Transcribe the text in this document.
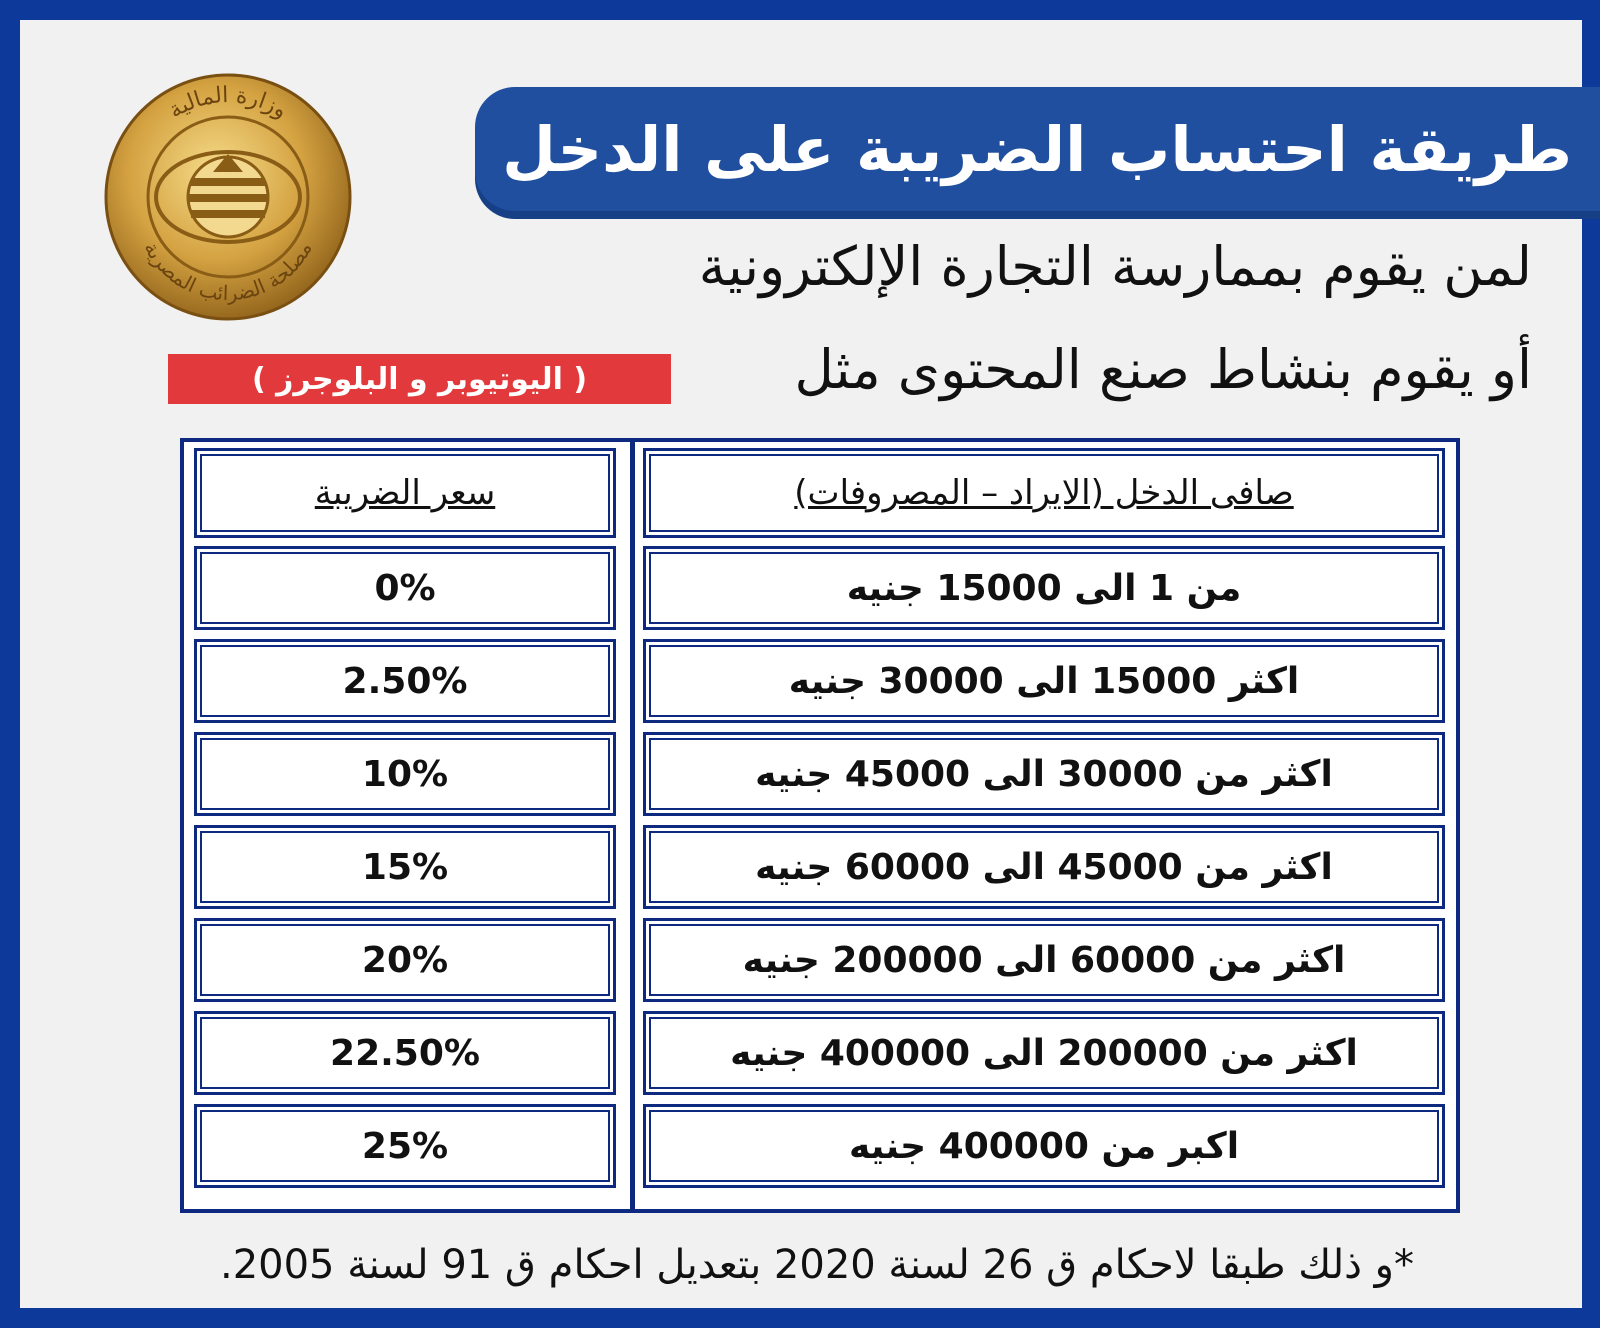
طريقة احتساب الضريبة على الدخل
وزارة المالية
مصلحة الضرائب المصرية	لمن يقوم بممارسة التجارة الإلكترونية
أو يقوم بنشاط صنع المحتوى مثل
( اليوتيوبر و البلوجرز )
سعر الضريبة	صافى الدخل (الايراد – المصروفات)
0%	من 1 الى 15000 جنيه
2.50%	اكثر 15000 الى 30000 جنيه
10%	اكثر من 30000 الى 45000 جنيه
15%	اكثر من 45000 الى 60000 جنيه
20%	اكثر من 60000 الى 200000 جنيه
22.50%	اكثر من 200000 الى 400000 جنيه
25%	اكبر من 400000 جنيه
*و ذلك طبقا لاحكام ق 26 لسنة 2020 بتعديل احكام ق 91 لسنة 2005.
